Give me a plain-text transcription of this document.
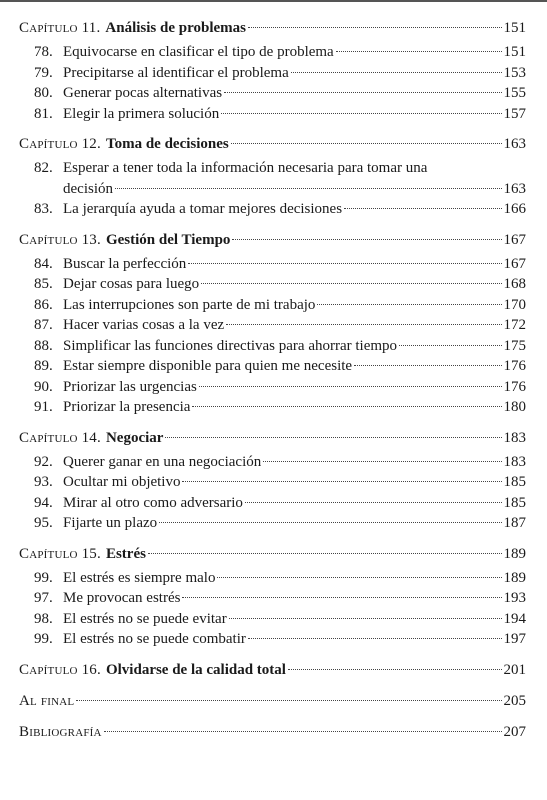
Capítulo 11. Análisis de problemas	151
78. Equivocarse en clasificar el tipo de problema	151
79. Precipitarse al identificar el problema	153
80. Generar pocas alternativas	155
81. Elegir la primera solución	157
Capítulo 12. Toma de decisiones	163
82. Esperar a tener toda la información necesaria para tomar una
decisión	163
83. La jerarquía ayuda a tomar mejores decisiones	166
Capítulo 13. Gestión del Tiempo	167
84. Buscar la perfección	167
85. Dejar cosas para luego	168
86. Las interrupciones son parte de mi trabajo	170
87. Hacer varias cosas a la vez	172
88. Simplificar las funciones directivas para ahorrar tiempo	175
89. Estar siempre disponible para quien me necesite	176
90. Priorizar las urgencias	176
91. Priorizar la presencia	180
Capítulo 14. Negociar	183
92. Querer ganar en una negociación	183
93. Ocultar mi objetivo	185
94. Mirar al otro como adversario	185
95. Fijarte un plazo	187
Capítulo 15. Estrés	189
99. El estrés es siempre malo	189
97. Me provocan estrés	193
98. El estrés no se puede evitar	194
99. El estrés no se puede combatir	197
Capítulo 16. Olvidarse de la calidad total	201
Al final	205
Bibliografía	207
